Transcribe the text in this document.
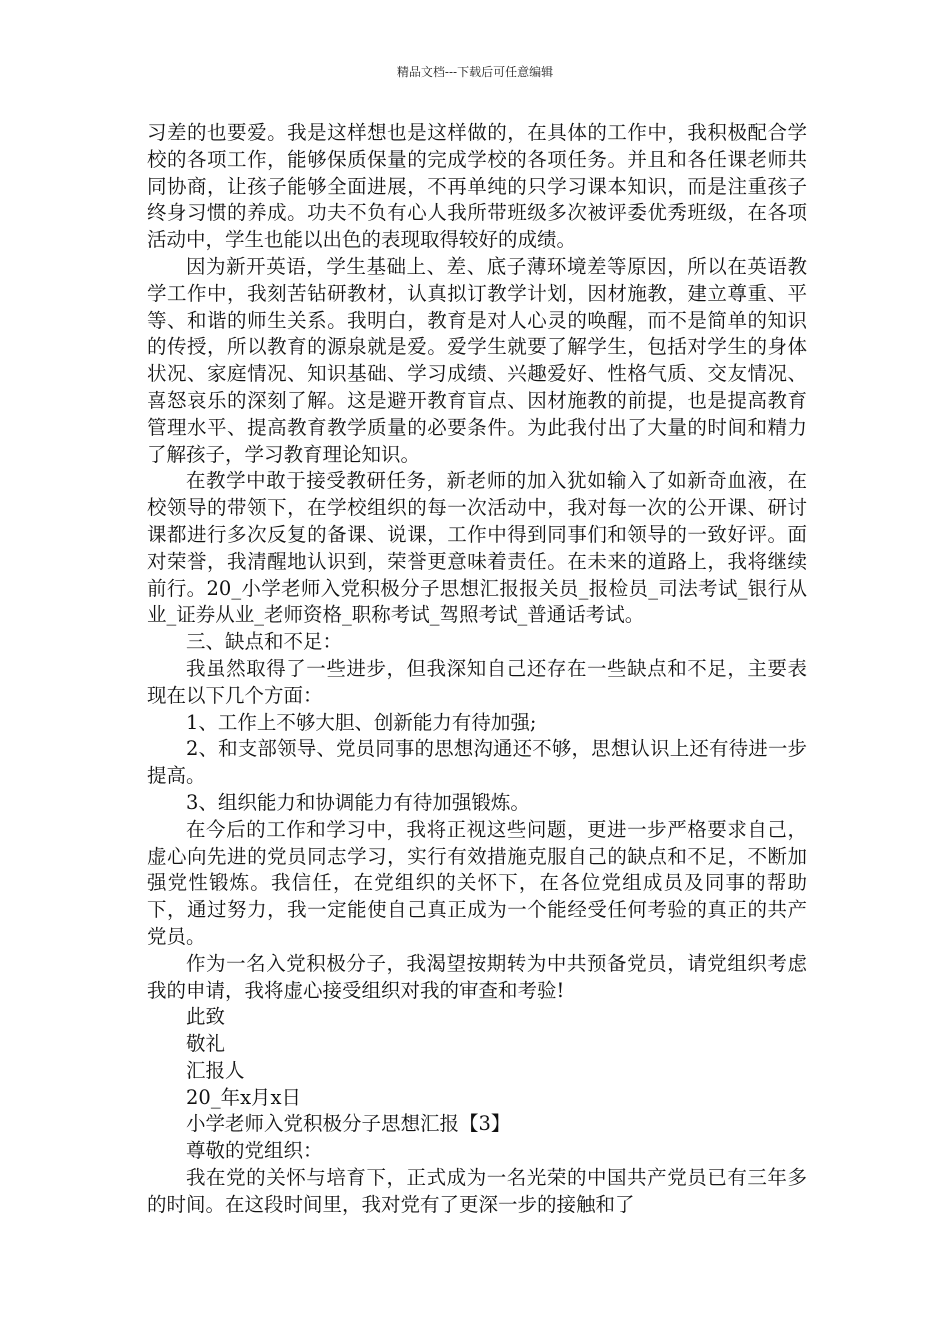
精品文档---下载后可任意编辑

习差的也要爱。我是这样想也是这样做的，在具体的工作中，我积极配合学校的各项工作，能够保质保量的完成学校的各项任务。并且和各任课老师共同协商，让孩子能够全面进展，不再单纯的只学习课本知识，而是注重孩子终身习惯的养成。功夫不负有心人我所带班级多次被评委优秀班级，在各项活动中，学生也能以出色的表现取得较好的成绩。

因为新开英语，学生基础上、差、底子薄环境差等原因，所以在英语教学工作中，我刻苦钻研教材，认真拟订教学计划，因材施教，建立尊重、平等、和谐的师生关系。我明白，教育是对人心灵的唤醒，而不是简单的知识的传授，所以教育的源泉就是爱。爱学生就要了解学生，包括对学生的身体状况、家庭情况、知识基础、学习成绩、兴趣爱好、性格气质、交友情况、喜怒哀乐的深刻了解。这是避开教育盲点、因材施教的前提，也是提高教育管理水平、提高教育教学质量的必要条件。为此我付出了大量的时间和精力了解孩子，学习教育理论知识。

在教学中敢于接受教研任务，新老师的加入犹如输入了如新奇血液，在校领导的带领下，在学校组织的每一次活动中，我对每一次的公开课、研讨课都进行多次反复的备课、说课，工作中得到同事们和领导的一致好评。面对荣誉，我清醒地认识到，荣誉更意味着责任。在未来的道路上，我将继续前行。20_小学老师入党积极分子思想汇报报关员_报检员_司法考试_银行从业_证券从业_老师资格_职称考试_驾照考试_普通话考试。

三、缺点和不足：

我虽然取得了一些进步，但我深知自己还存在一些缺点和不足，主要表现在以下几个方面：

1、工作上不够大胆、创新能力有待加强;

2、和支部领导、党员同事的思想沟通还不够，思想认识上还有待进一步提高。

3、组织能力和协调能力有待加强锻炼。

在今后的工作和学习中，我将正视这些问题，更进一步严格要求自己，虚心向先进的党员同志学习，实行有效措施克服自己的缺点和不足，不断加强党性锻炼。我信任，在党组织的关怀下，在各位党组成员及同事的帮助下，通过努力，我一定能使自己真正成为一个能经受任何考验的真正的共产党员。

作为一名入党积极分子，我渴望按期转为中共预备党员，请党组织考虑我的申请，我将虚心接受组织对我的审查和考验!

此致

敬礼

汇报人

20_年x月x日

小学老师入党积极分子思想汇报【3】

尊敬的党组织：

我在党的关怀与培育下，正式成为一名光荣的中国共产党员已有三年多的时间。在这段时间里，我对党有了更深一步的接触和了
